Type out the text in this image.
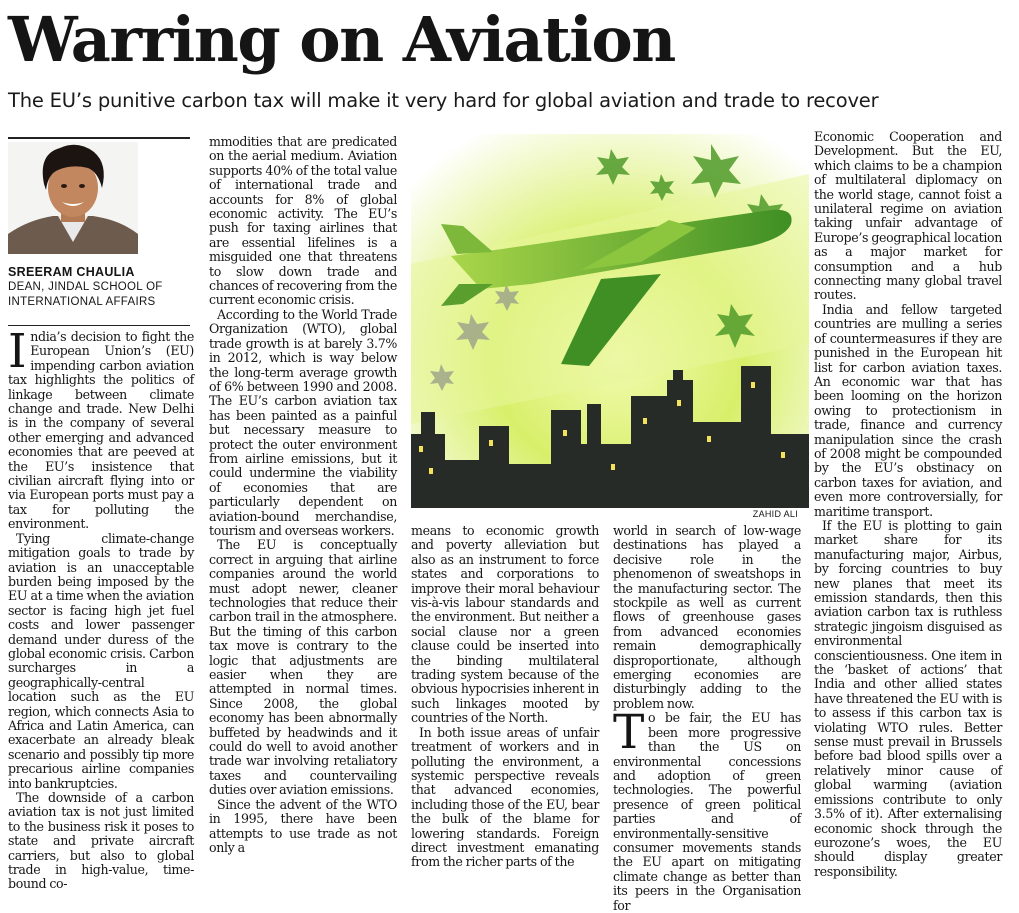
Warring on Aviation
The EU’s punitive carbon tax will make it very hard for global aviation and trade to recover
SREERAM CHAULIA
DEAN, JINDAL SCHOOL OF
INTERNATIONAL AFFAIRS

India’s decision to fight the European Union’s (EU) impending carbon aviation tax highlights the politics of linkage between climate change and trade. New Delhi is in the company of several other emerging and advanced economies that are peeved at the EU’s insistence that civilian aircraft flying into or via European ports must pay a tax for polluting the environment.

Tying climate-change mitigation goals to trade by aviation is an unacceptable burden being imposed by the EU at a time when the aviation sector is facing high jet fuel costs and lower passenger demand under duress of the global economic crisis. Carbon surcharges in a geographically-central location such as the EU region, which connects Asia to Africa and Latin America, can exacerbate an already bleak scenario and possibly tip more precarious airline companies into bankruptcies.

The downside of a carbon aviation tax is not just limited to the business risk it poses to state and private aircraft carriers, but also to global trade in high-value, time-bound co-

mmodities that are predicated on the aerial medium. Aviation supports 40% of the total value of international trade and accounts for 8% of global economic activity. The EU’s push for taxing airlines that are essential lifelines is a misguided one that threatens to slow down trade and chances of recovering from the current economic crisis.

According to the World Trade Organization (WTO), global trade growth is at barely 3.7% in 2012, which is way below the long-term average growth of 6% between 1990 and 2008. The EU’s carbon aviation tax has been painted as a painful but necessary measure to protect the outer environment from airline emissions, but it could undermine the viability of economies that are particularly dependent on aviation-bound merchandise, tourism and overseas workers.

The EU is conceptually correct in arguing that airline companies around the world must adopt newer, cleaner technologies that reduce their carbon trail in the atmosphere. But the timing of this carbon tax move is contrary to the logic that adjustments are easier when they are attempted in normal times. Since 2008, the global economy has been abnormally buffeted by headwinds and it could do well to avoid another trade war involving retaliatory taxes and countervailing duties over aviation emissions.

Since the advent of the WTO in 1995, there have been attempts to use trade as not only a

ZAHID ALI

means to economic growth and poverty alleviation but also as an instrument to force states and corporations to improve their moral behaviour vis-à-vis labour standards and the environment. But neither a social clause nor a green clause could be inserted into the binding multilateral trading system because of the obvious hypocrisies inherent in such linkages mooted by countries of the North.

In both issue areas of unfair treatment of workers and in polluting the environment, a systemic perspective reveals that advanced economies, including those of the EU, bear the bulk of the blame for lowering standards. Foreign direct investment emanating from the richer parts of the

world in search of low-wage destinations has played a decisive role in the phenomenon of sweatshops in the manufacturing sector. The stockpile as well as current flows of greenhouse gases from advanced economies remain demographically disproportionate, although emerging economies are disturbingly adding to the problem now.

To be fair, the EU has been more progressive than the US on environmental concessions and adoption of green technologies. The powerful presence of green political parties and of environmentally-sensitive consumer movements stands the EU apart on mitigating climate change as better than its peers in the Organisation for

Economic Cooperation and Development. But the EU, which claims to be a champion of multilateral diplomacy on the world stage, cannot foist a unilateral regime on aviation taking unfair advantage of Europe’s geographical location as a major market for consumption and a hub connecting many global travel routes.

India and fellow targeted countries are mulling a series of countermeasures if they are punished in the European hit list for carbon aviation taxes. An economic war that has been looming on the horizon owing to protectionism in trade, finance and currency manipulation since the crash of 2008 might be compounded by the EU’s obstinacy on carbon taxes for aviation, and even more controversially, for maritime transport.

If the EU is plotting to gain market share for its manufacturing major, Airbus, by forcing countries to buy new planes that meet its emission standards, then this aviation carbon tax is ruthless strategic jingoism disguised as environmental conscientiousness. One item in the ‘basket of actions’ that India and other allied states have threatened the EU with is to assess if this carbon tax is violating WTO rules. Better sense must prevail in Brussels before bad blood spills over a relatively minor cause of global warming (aviation emissions contribute to only 3.5% of it). After externalising economic shock through the eurozone’s woes, the EU should display greater responsibility.
